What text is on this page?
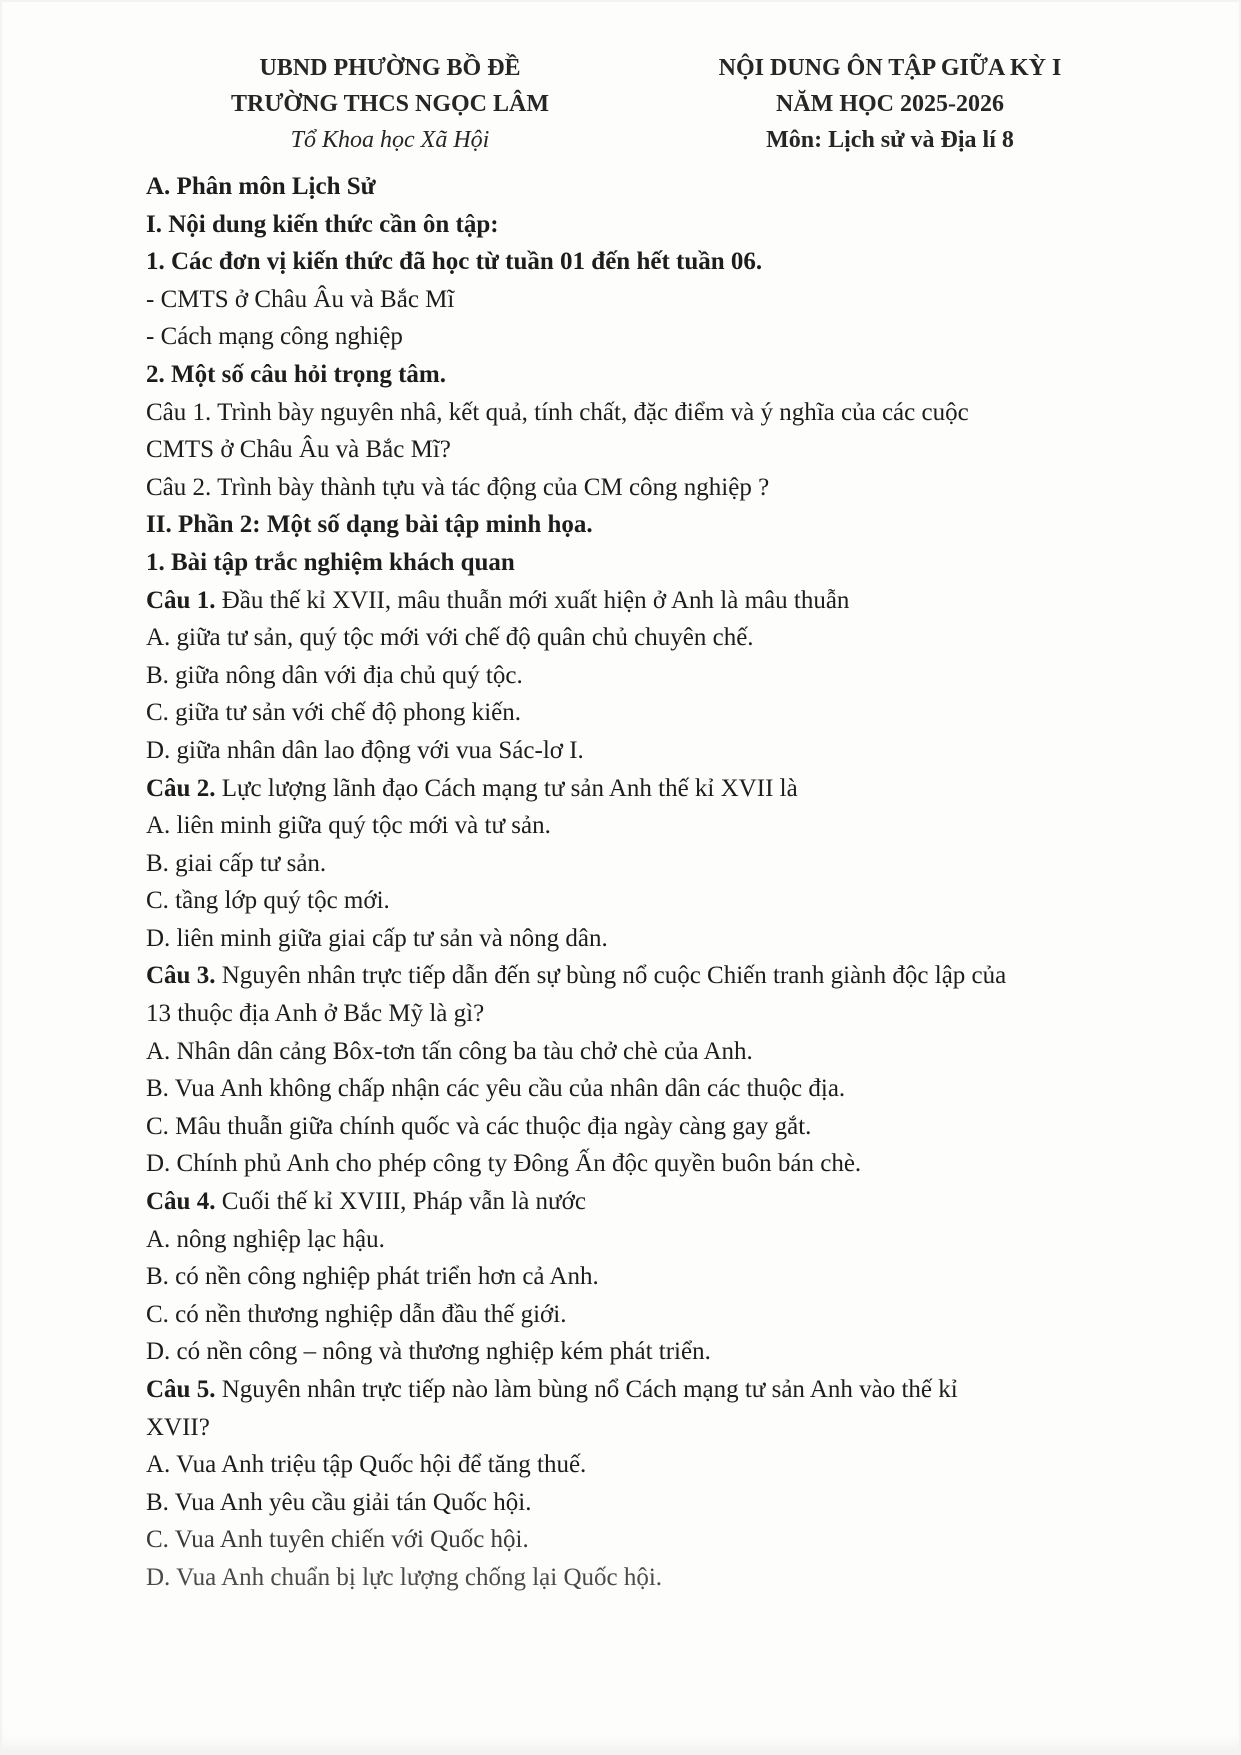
UBND PHƯỜNG BỒ ĐỀ
TRƯỜNG THCS NGỌC LÂM
Tổ Khoa học Xã Hội
NỘI DUNG ÔN TẬP GIỮA KỲ I
NĂM HỌC 2025-2026
Môn: Lịch sử và Địa lí 8
A. Phân môn Lịch Sử
I. Nội dung kiến thức cần ôn tập:
1. Các đơn vị kiến thức đã học từ tuần 01 đến hết tuần 06.
- CMTS ở Châu Âu và Bắc Mĩ
- Cách mạng công nghiệp
2. Một số câu hỏi trọng tâm.
Câu 1. Trình bày nguyên nhâ, kết quả, tính chất, đặc điểm và ý nghĩa của các cuộc
CMTS ở Châu Âu và Bắc Mĩ?
Câu 2. Trình bày thành tựu và tác động của CM công nghiệp ?
II. Phần 2: Một số dạng bài tập minh họa.
1. Bài tập trắc nghiệm khách quan
Câu 1. Đầu thế kỉ XVII, mâu thuẫn mới xuất hiện ở Anh là mâu thuẫn
A. giữa tư sản, quý tộc mới với chế độ quân chủ chuyên chế.
B. giữa nông dân với địa chủ quý tộc.
C. giữa tư sản với chế độ phong kiến.
D. giữa nhân dân lao động với vua Sác-lơ I.
Câu 2. Lực lượng lãnh đạo Cách mạng tư sản Anh thế kỉ XVII là
A. liên minh giữa quý tộc mới và tư sản.
B. giai cấp tư sản.
C. tầng lớp quý tộc mới.
D. liên minh giữa giai cấp tư sản và nông dân.
Câu 3. Nguyên nhân trực tiếp dẫn đến sự bùng nổ cuộc Chiến tranh giành độc lập của
13 thuộc địa Anh ở Bắc Mỹ là gì?
A. Nhân dân cảng Bôx-tơn tấn công ba tàu chở chè của Anh.
B. Vua Anh không chấp nhận các yêu cầu của nhân dân các thuộc địa.
C. Mâu thuẫn giữa chính quốc và các thuộc địa ngày càng gay gắt.
D. Chính phủ Anh cho phép công ty Đông Ấn độc quyền buôn bán chè.
Câu 4. Cuối thế kỉ XVIII, Pháp vẫn là nước
A. nông nghiệp lạc hậu.
B. có nền công nghiệp phát triển hơn cả Anh.
C. có nền thương nghiệp dẫn đầu thế giới.
D. có nền công – nông và thương nghiệp kém phát triển.
Câu 5. Nguyên nhân trực tiếp nào làm bùng nổ Cách mạng tư sản Anh vào thế kỉ
XVII?
A. Vua Anh triệu tập Quốc hội để tăng thuế.
B. Vua Anh yêu cầu giải tán Quốc hội.
C. Vua Anh tuyên chiến với Quốc hội.
D. Vua Anh chuẩn bị lực lượng chống lại Quốc hội.
